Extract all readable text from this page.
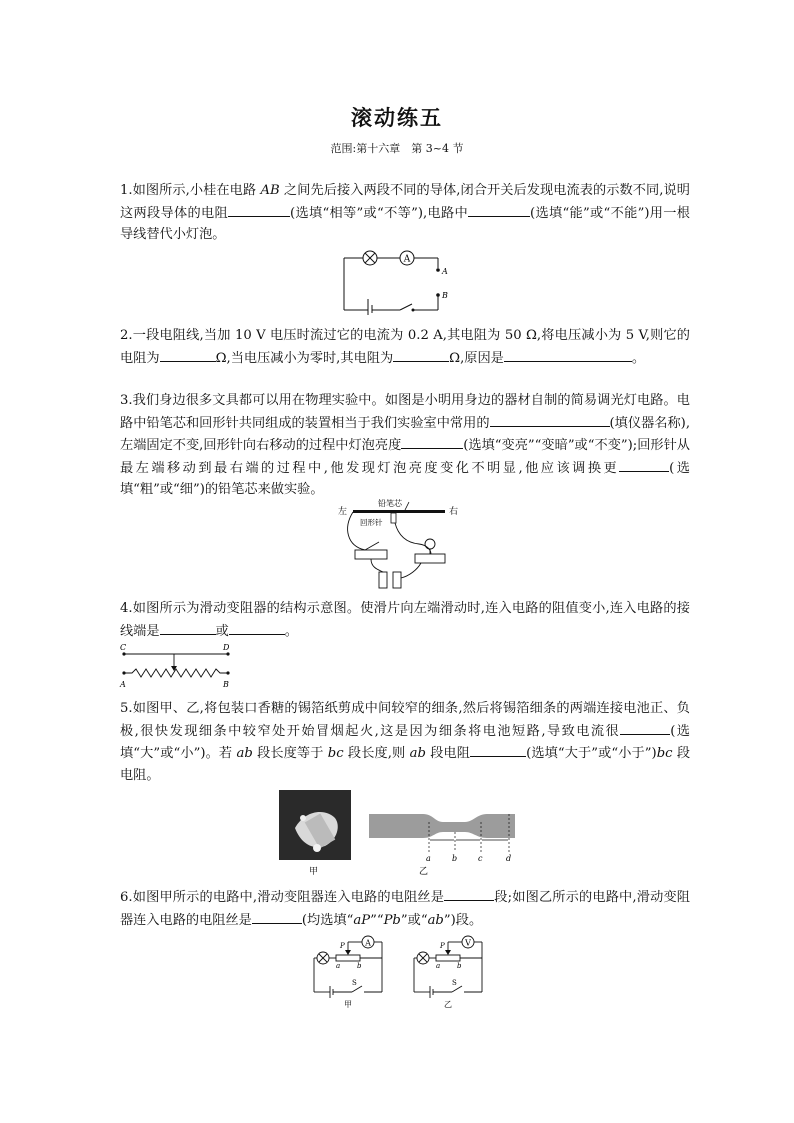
滚动练五
范围:第十六章　第 3~4 节
1.如图所示,小桂在电路 AB 之间先后接入两段不同的导体,闭合开关后发现电流表的示数不同,说明这两段导体的电阻	(选填“相等”或“不等”),电路中	(选填“能”或“不能”)用一根导线替代小灯泡。
A
A
B
2.一段电阻线,当加 10 V 电压时流过它的电流为 0.2 A,其电阻为 50 Ω,将电压减小为 5 V,则它的电阻为	Ω,当电压减小为零时,其电阻为	Ω,原因是	。
3.我们身边很多文具都可以用在物理实验中。如图是小明用身边的器材自制的简易调光灯电路。电路中铅笔芯和回形针共同组成的装置相当于我们实验室中常用的	(填仪器名称),左端固定不变,回形针向右移动的过程中灯泡亮度	(选填“变亮”“变暗”或“不变”);回形针从最左端移动到最右端的过程中,他发现灯泡亮度变化不明显,他应该调换更	(选填“粗”或“细”)的铅笔芯来做实验。
铅笔芯
左	右
回形针
4.如图所示为滑动变阻器的结构示意图。使滑片向左端滑动时,连入电路的阻值变小,连入电路的接线端是	或	。
C	D
A	B
5.如图甲、乙,将包装口香糖的锡箔纸剪成中间较窄的细条,然后将锡箔细条的两端连接电池正、负极,很快发现细条中较窄处开始冒烟起火,这是因为细条将电池短路,导致电流很	(选填“大”或“小”)。若 ab 段长度等于 bc 段长度,则 ab 段电阻	(选填“大于”或“小于”)bc 段电阻。
甲
a	b	c	d
乙
6.如图甲所示的电路中,滑动变阻器连入电路的电阻丝是	段;如图乙所示的电路中,滑动变阻器连入电路的电阻丝是	(均选填“aP”“Pb”或“ab”)段。
A
P
a b
S
甲
V
P
a b
S
乙
